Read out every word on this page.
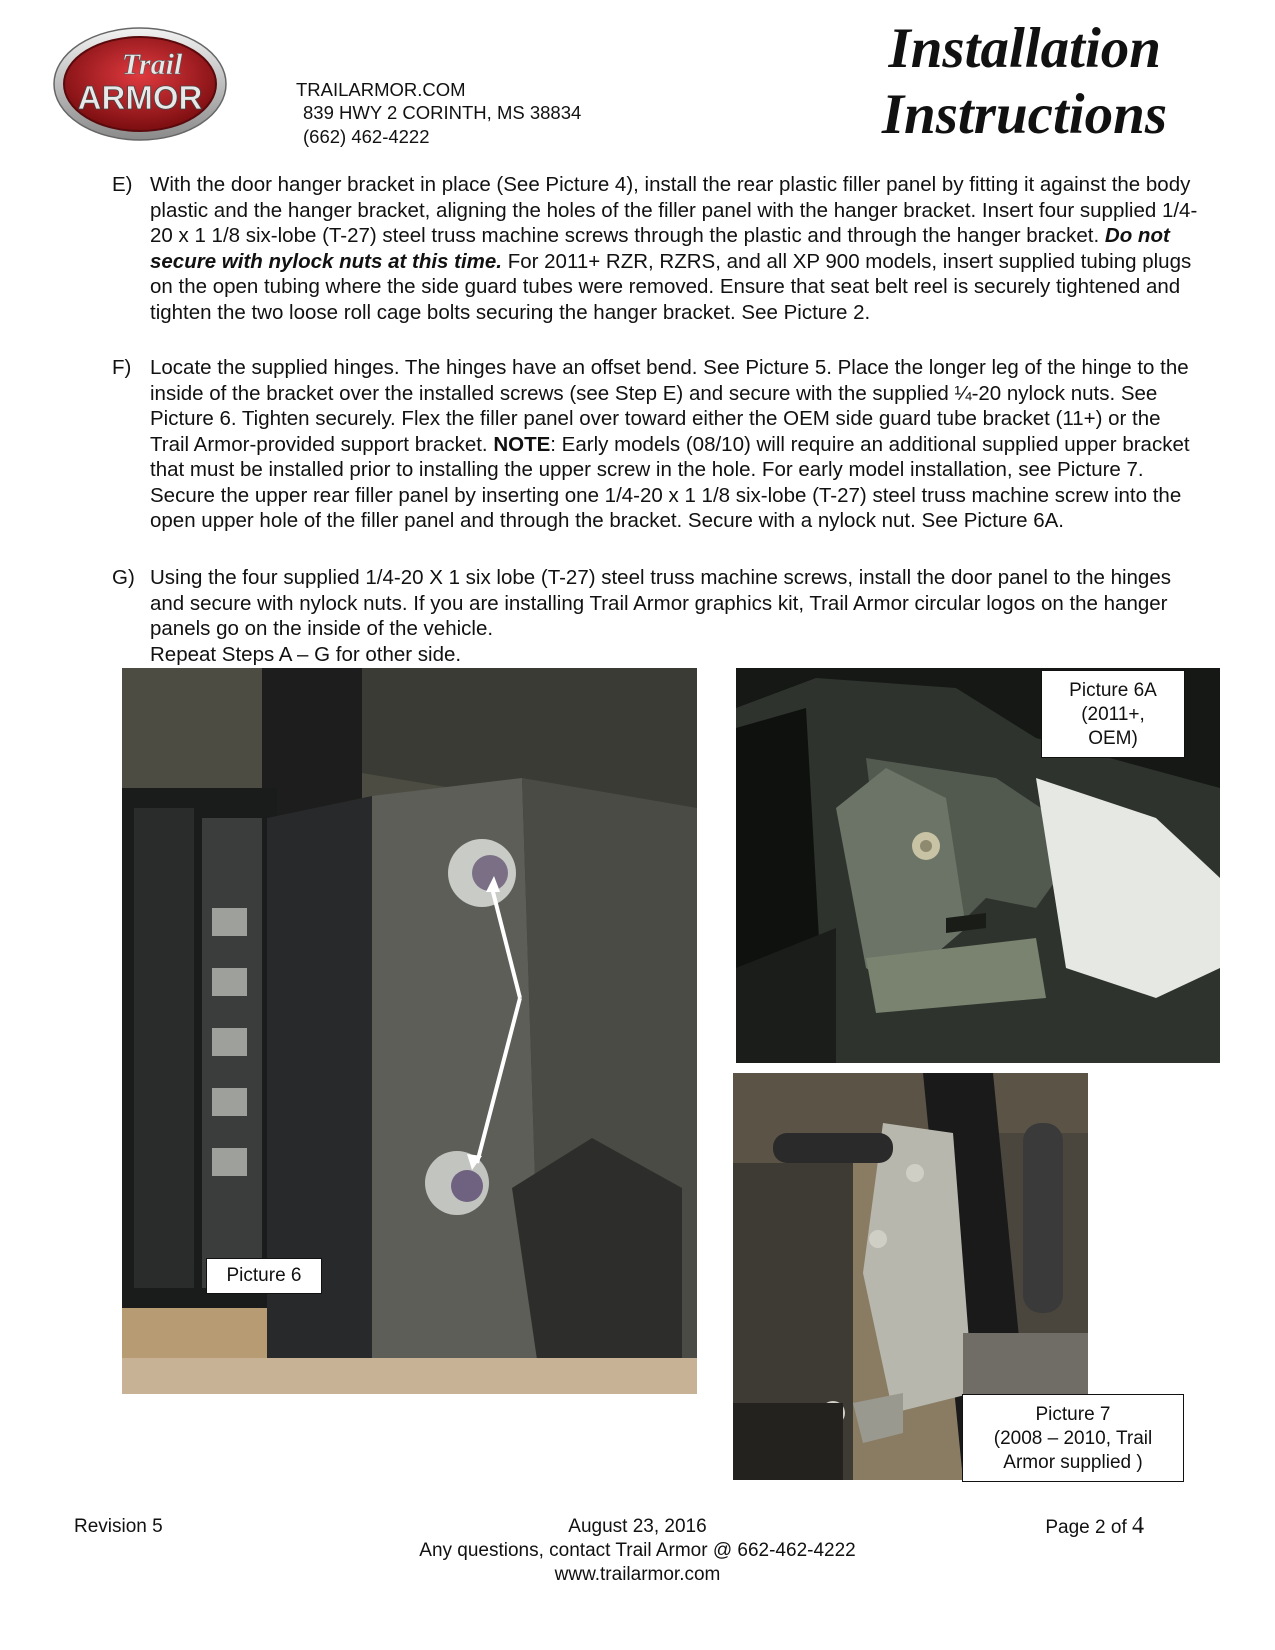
Trail
ARMOR	TRAILARMOR.COM
839 HWY 2 CORINTH, MS 38834
(662) 462-4222
Installation
Instructions
E) With the door hanger bracket in place (See Picture 4), install the rear plastic filler panel by fitting it against the body plastic and the hanger bracket, aligning the holes of the filler panel with the hanger bracket. Insert four supplied 1/4-20 x 1 1/8 six-lobe (T-27) steel truss machine screws through the plastic and through the hanger bracket. Do not secure with nylock nuts at this time. For 2011+ RZR, RZRS, and all XP 900 models, insert supplied tubing plugs on the open tubing where the side guard tubes were removed. Ensure that seat belt reel is securely tightened and tighten the two loose roll cage bolts securing the hanger bracket. See Picture 2.
F) Locate the supplied hinges. The hinges have an offset bend. See Picture 5. Place the longer leg of the hinge to the inside of the bracket over the installed screws (see Step E) and secure with the supplied ¼-20 nylock nuts. See Picture 6. Tighten securely. Flex the filler panel over toward either the OEM side guard tube bracket (11+) or the Trail Armor-provided support bracket. NOTE: Early models (08/10) will require an additional supplied upper bracket that must be installed prior to installing the upper screw in the hole. For early model installation, see Picture 7. Secure the upper rear filler panel by inserting one 1/4-20 x 1 1/8 six-lobe (T-27) steel truss machine screw into the open upper hole of the filler panel and through the bracket. Secure with a nylock nut. See Picture 6A.
G) Using the four supplied 1/4-20 X 1 six lobe (T-27) steel truss machine screws, install the door panel to the hinges and secure with nylock nuts. If you are installing Trail Armor graphics kit, Trail Armor circular logos on the hanger panels go on the inside of the vehicle.
Repeat Steps A – G for other side.
Picture 6
Picture 6A
(2011+,
OEM)
Picture 7
(2008 – 2010, Trail
Armor supplied )
August 23, 2016
Revision 5	Page 2 of 4
Any questions, contact Trail Armor @ 662-462-4222
www.trailarmor.com
